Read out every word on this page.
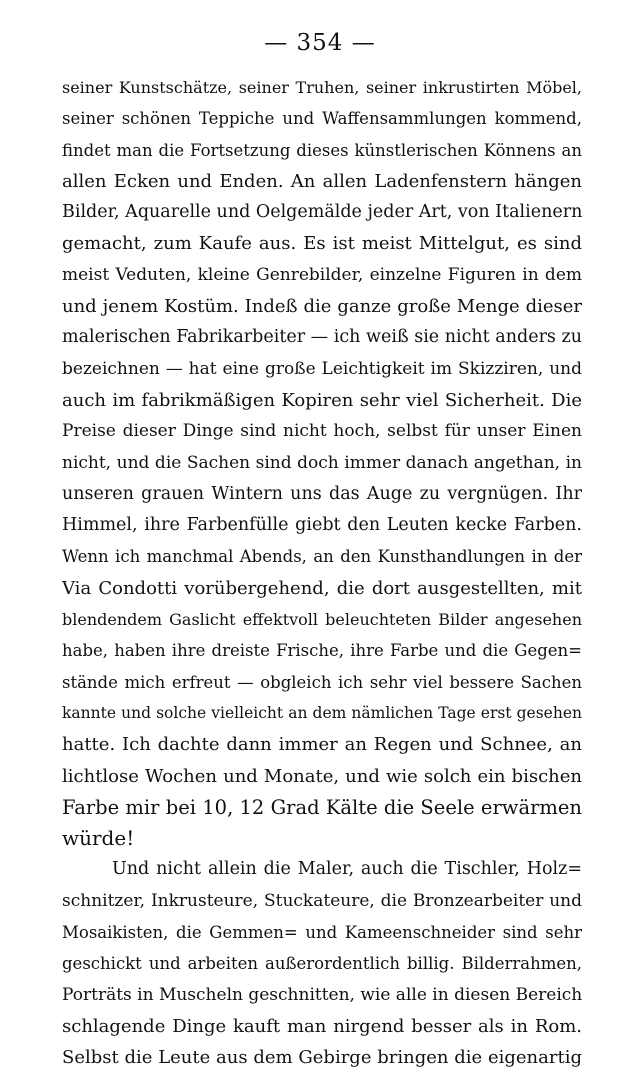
— 354 —
seiner Kunstschätze, seiner Truhen, seiner inkrustirten Möbel,
seiner schönen Teppiche und Waffensammlungen kommend,
findet man die Fortsetzung dieses künstlerischen Könnens an
allen Ecken und Enden. An allen Ladenfenstern hängen
Bilder, Aquarelle und Oelgemälde jeder Art, von Italienern
gemacht, zum Kaufe aus. Es ist meist Mittelgut, es sind
meist Veduten, kleine Genrebilder, einzelne Figuren in dem
und jenem Kostüm. Indeß die ganze große Menge dieser
malerischen Fabrikarbeiter — ich weiß sie nicht anders zu
bezeichnen — hat eine große Leichtigkeit im Skizziren, und
auch im fabrikmäßigen Kopiren sehr viel Sicherheit. Die
Preise dieser Dinge sind nicht hoch, selbst für unser Einen
nicht, und die Sachen sind doch immer danach angethan, in
unseren grauen Wintern uns das Auge zu vergnügen. Ihr
Himmel, ihre Farbenfülle giebt den Leuten kecke Farben.
Wenn ich manchmal Abends, an den Kunsthandlungen in der
Via Condotti vorübergehend, die dort ausgestellten, mit
blendendem Gaslicht effektvoll beleuchteten Bilder angesehen
habe, haben ihre dreiste Frische, ihre Farbe und die Gegen=
stände mich erfreut — obgleich ich sehr viel bessere Sachen
kannte und solche vielleicht an dem nämlichen Tage erst gesehen
hatte. Ich dachte dann immer an Regen und Schnee, an
lichtlose Wochen und Monate, und wie solch ein bischen
Farbe mir bei 10, 12 Grad Kälte die Seele erwärmen
würde!
Und nicht allein die Maler, auch die Tischler, Holz=
schnitzer, Inkrusteure, Stuckateure, die Bronzearbeiter und
Mosaikisten, die Gemmen= und Kameenschneider sind sehr
geschickt und arbeiten außerordentlich billig. Bilderrahmen,
Porträts in Muscheln geschnitten, wie alle in diesen Bereich
schlagende Dinge kauft man nirgend besser als in Rom.
Selbst die Leute aus dem Gebirge bringen die eigenartig
